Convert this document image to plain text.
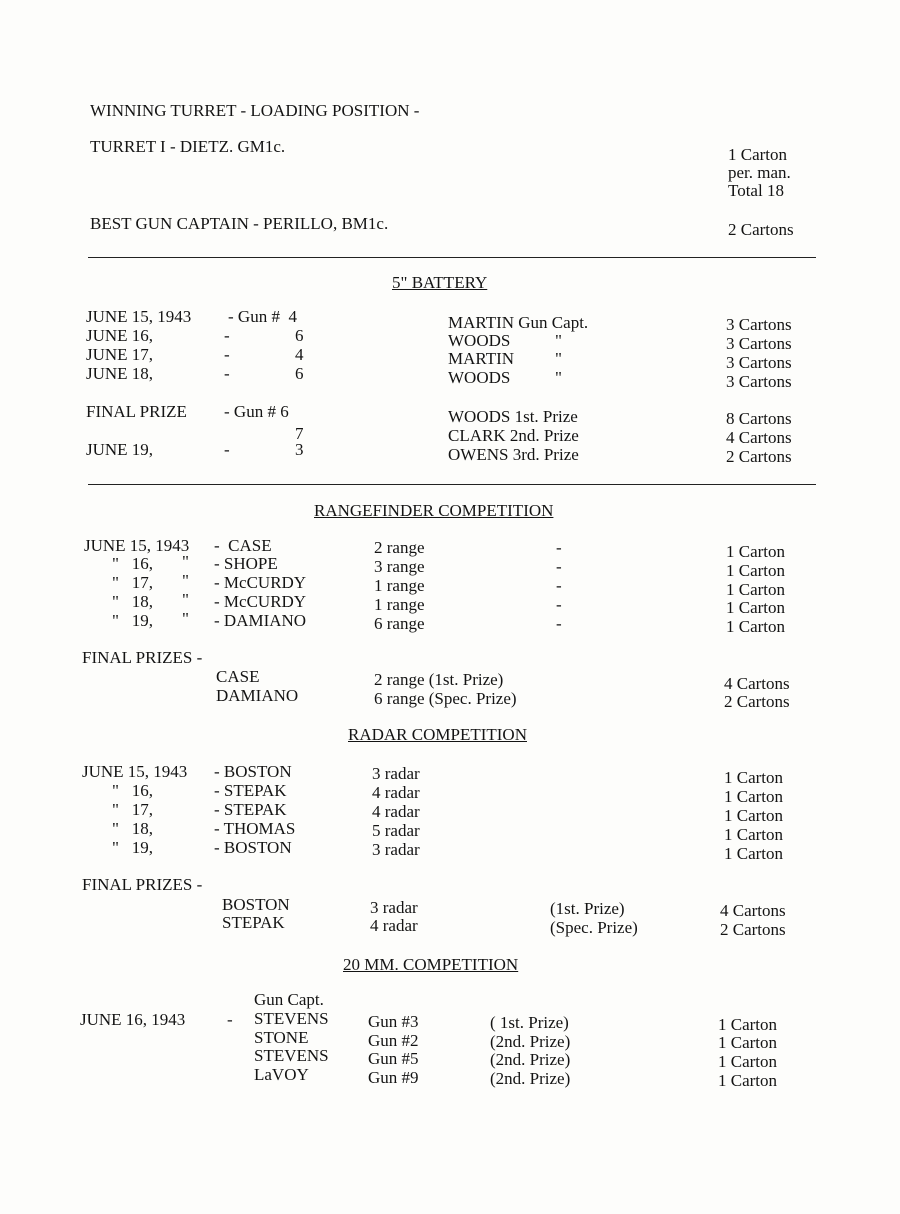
WINNING TURRET - LOADING POSITION -
TURRET I - DIETZ. GM1c.	1 Carton
per. man.
Total 18
BEST GUN CAPTAIN - PERILLO, BM1c.	2 Cartons
5" BATTERY
JUNE 15, 1943 - Gun #  4	MARTIN Gun Capt.	3 Cartons
JUNE 16,	-	6	WOODS	"	3 Cartons
JUNE 17,	-	4	MARTIN "	3 Cartons
JUNE 18,	-	6	WOODS	"	3 Cartons
FINAL PRIZE - Gun # 6	WOODS 1st. Prize	8 Cartons
7	CLARK 2nd. Prize	4 Cartons
JUNE 19,	-	3	OWENS 3rd. Prize	2 Cartons
RANGEFINDER COMPETITION
JUNE 15, 1943 -  CASE	2 range	-	1 Carton
"   16, " - SHOPE	3 range	-	1 Carton
"   17, " - McCURDY	1 range	-	1 Carton
"   18, " - McCURDY	1 range	-	1 Carton
"   19, " - DAMIANO	6 range	-	1 Carton
FINAL PRIZES -
CASE	2 range (1st. Prize)	4 Cartons
DAMIANO	6 range (Spec. Prize)	2 Cartons
RADAR COMPETITION
JUNE 15, 1943 - BOSTON	3 radar	1 Carton
"   16,	- STEPAK	4 radar	1 Carton
"   17,	- STEPAK	4 radar	1 Carton
"   18,	- THOMAS	5 radar	1 Carton
"   19,	- BOSTON	3 radar	1 Carton
FINAL PRIZES -
BOSTON	3 radar	(1st. Prize)	4 Cartons
STEPAK	4 radar	(Spec. Prize)	2 Cartons
20 MM. COMPETITION
Gun Capt.
JUNE 16, 1943 - STEVENS Gun #3	( 1st. Prize)	1 Carton
STONE	Gun #2	(2nd. Prize)	1 Carton
STEVENS Gun #5	(2nd. Prize)	1 Carton
LaVOY	Gun #9	(2nd. Prize)	1 Carton
